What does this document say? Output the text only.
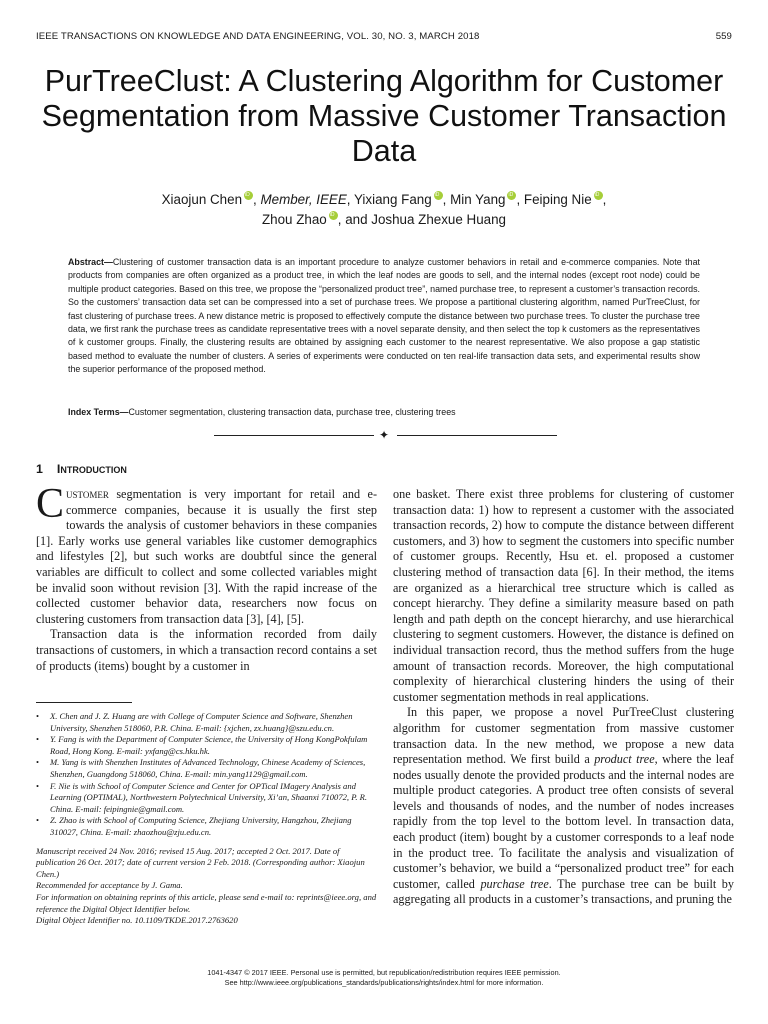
IEEE TRANSACTIONS ON KNOWLEDGE AND DATA ENGINEERING, VOL. 30, NO. 3, MARCH 2018	559
PurTreeClust: A Clustering Algorithm for Customer Segmentation from Massive Customer Transaction Data
Xiaojun Chen iD , Member, IEEE, Yixiang Fang iD , Min Yang iD , Feiping Nie iD ,
Zhou Zhao iD , and Joshua Zhexue Huang
Abstract—Clustering of customer transaction data is an important procedure to analyze customer behaviors in retail and e-commerce companies. Note that products from companies are often organized as a product tree, in which the leaf nodes are goods to sell, and the internal nodes (except root node) could be multiple product categories. Based on this tree, we propose the “personalized product tree”, named purchase tree, to represent a customer’s transaction records. So the customers’ transaction data set can be compressed into a set of purchase trees. We propose a partitional clustering algorithm, named PurTreeClust, for fast clustering of purchase trees. A new distance metric is proposed to effectively compute the distance between two purchase trees. To cluster the purchase tree data, we first rank the purchase trees as candidate representative trees with a novel separate density, and then select the top k customers as the representatives of k customer groups. Finally, the clustering results are obtained by assigning each customer to the nearest representative. We also propose a gap statistic based method to evaluate the number of clusters. A series of experiments were conducted on ten real-life transaction data sets, and experimental results show the superior performance of the proposed method.
Index Terms—Customer segmentation, clustering transaction data, purchase tree, clustering trees
✦
1 Introduction

Customer segmentation is very important for retail and e-commerce companies, because it is usually the first step towards the analysis of customer behaviors in these companies [1]. Early works use general variables like customer demographics and lifestyles [2], but such works are doubtful since the general variables are difficult to collect and some collected variables might be invalid soon without revision [3]. With the rapid increase of the collected customer behavior data, researchers now focus on clustering customers from transaction data [3], [4], [5].

Transaction data is the information recorded from daily transactions of customers, in which a transaction record contains a set of products (items) bought by a customer in

• X. Chen and J. Z. Huang are with College of Computer Science and Software, Shenzhen University, Shenzhen 518060, P.R. China. E-mail: {xjchen, zx.huang}@szu.edu.cn.
• Y. Fang is with the Department of Computer Science, the University of Hong KongPokfulam Road, Hong Kong. E-mail: yxfang@cs.hku.hk.
• M. Yang is with Shenzhen Institutes of Advanced Technology, Chinese Academy of Sciences, Shenzhen, Guangdong 518060, China. E-mail: min.yang1129@gmail.com.
• F. Nie is with School of Computer Science and Center for OPTical IMagery Analysis and Learning (OPTIMAL), Northwestern Polytechnical University, Xi’an, Shaanxi 710072, P. R. China. E-mail: feipingnie@gmail.com.
• Z. Zhao is with School of Computing Science, Zhejiang University, Hangzhou, Zhejiang 310027, China. E-mail: zhaozhou@zju.edu.cn.

Manuscript received 24 Nov. 2016; revised 15 Aug. 2017; accepted 2 Oct. 2017. Date of publication 26 Oct. 2017; date of current version 2 Feb. 2018. (Corresponding author: Xiaojun Chen.)

Recommended for acceptance by J. Gama.

For information on obtaining reprints of this article, please send e-mail to: reprints@ieee.org, and reference the Digital Object Identifier below.

Digital Object Identifier no. 10.1109/TKDE.2017.2763620

one basket. There exist three problems for clustering of customer transaction data: 1) how to represent a customer with the associated transaction records, 2) how to compute the distance between different customers, and 3) how to segment the customers into specific number of customer groups. Recently, Hsu et. el. proposed a customer clustering method of transaction data [6]. In their method, the items are organized as a hierarchical tree structure which is called as concept hierarchy. They define a similarity measure based on path length and path depth on the concept hierarchy, and use hierarchical clustering to segment customers. However, the distance is defined on individual transaction record, thus the method suffers from the huge amount of transaction records. Moreover, the high computational complexity of hierarchical clustering hinders the using of their customer segmentation methods in real applications.

In this paper, we propose a novel PurTreeClust clustering algorithm for customer segmentation from massive customer transaction data. In the new method, we propose a new data representation method. We first build a product tree, where the leaf nodes usually denote the provided products and the internal nodes are multiple product categories. A product tree often consists of several levels and thousands of nodes, and the number of nodes increases rapidly from the top level to the bottom level. In transaction data, each product (item) bought by a customer corresponds to a leaf node in the product tree. To facilitate the analysis and visualization of customer’s behavior, we build a “personalized product tree” for each customer, called purchase tree. The purchase tree can be built by aggregating all products in a customer’s transactions, and pruning the

1041-4347 © 2017 IEEE. Personal use is permitted, but republication/redistribution requires IEEE permission.
See http://www.ieee.org/publications_standards/publications/rights/index.html for more information.
